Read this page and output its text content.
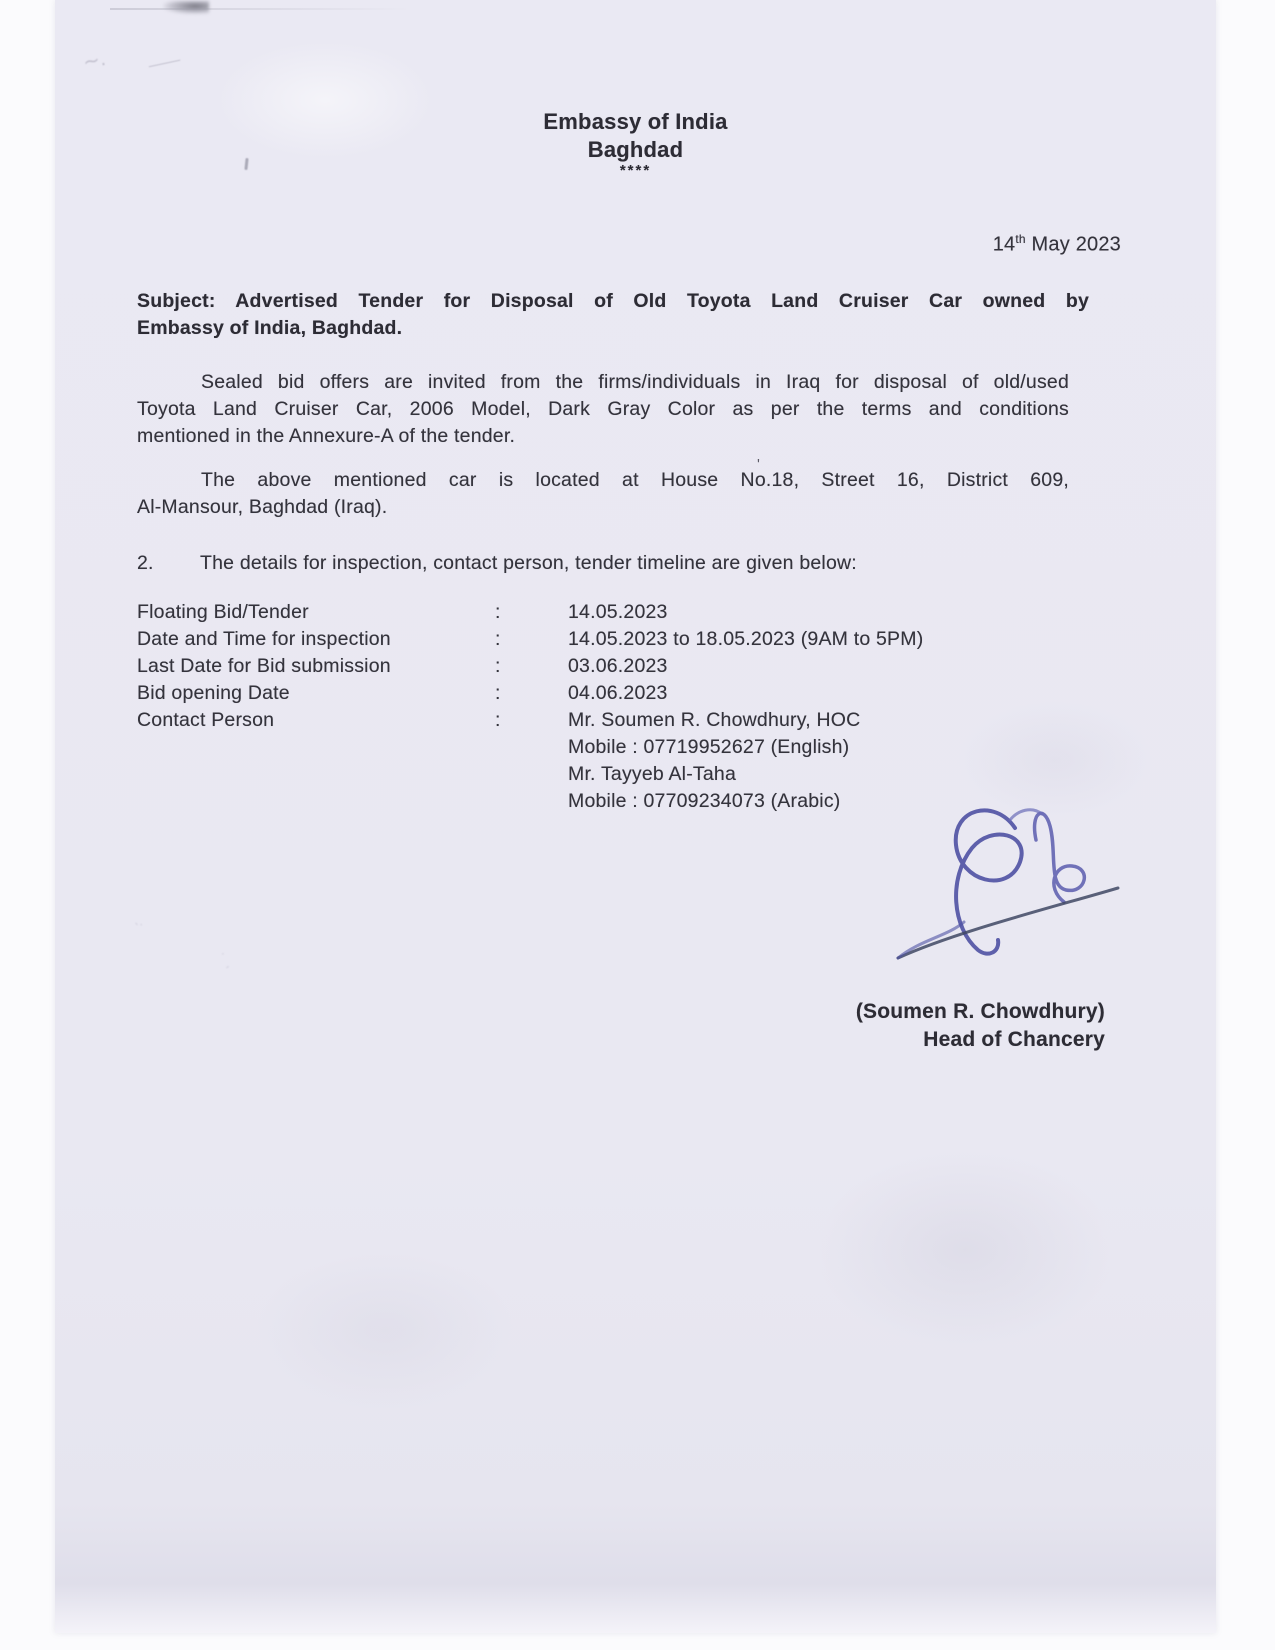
∼. ⸺
ˋ˙
˙ˏ
'
Embassy of India
Baghdad
****
14th May 2023
Subject: Advertised Tender for Disposal of Old Toyota Land Cruiser Car owned by
Embassy of India, Baghdad.
Sealed bid offers are invited from the firms/individuals in Iraq for disposal of old/used
Toyota Land Cruiser Car, 2006 Model, Dark Gray Color as per the terms and conditions
mentioned in the Annexure-A of the tender.
The above mentioned car is located at House No.18, Street 16, District 609,
Al-Mansour, Baghdad (Iraq).
2. The details for inspection, contact person, tender timeline are given below:
Floating Bid/Tender	:	14.05.2023
Date and Time for inspection	:	14.05.2023 to 18.05.2023 (9AM to 5PM)
Last Date for Bid submission	:	03.06.2023
Bid opening Date	:	04.06.2023
Contact Person	:	Mr. Soumen R. Chowdhury, HOC
Mobile : 07719952627 (English)
Mr. Tayyeb Al-Taha
Mobile : 07709234073 (Arabic)
(Soumen R. Chowdhury)
Head of Chancery
